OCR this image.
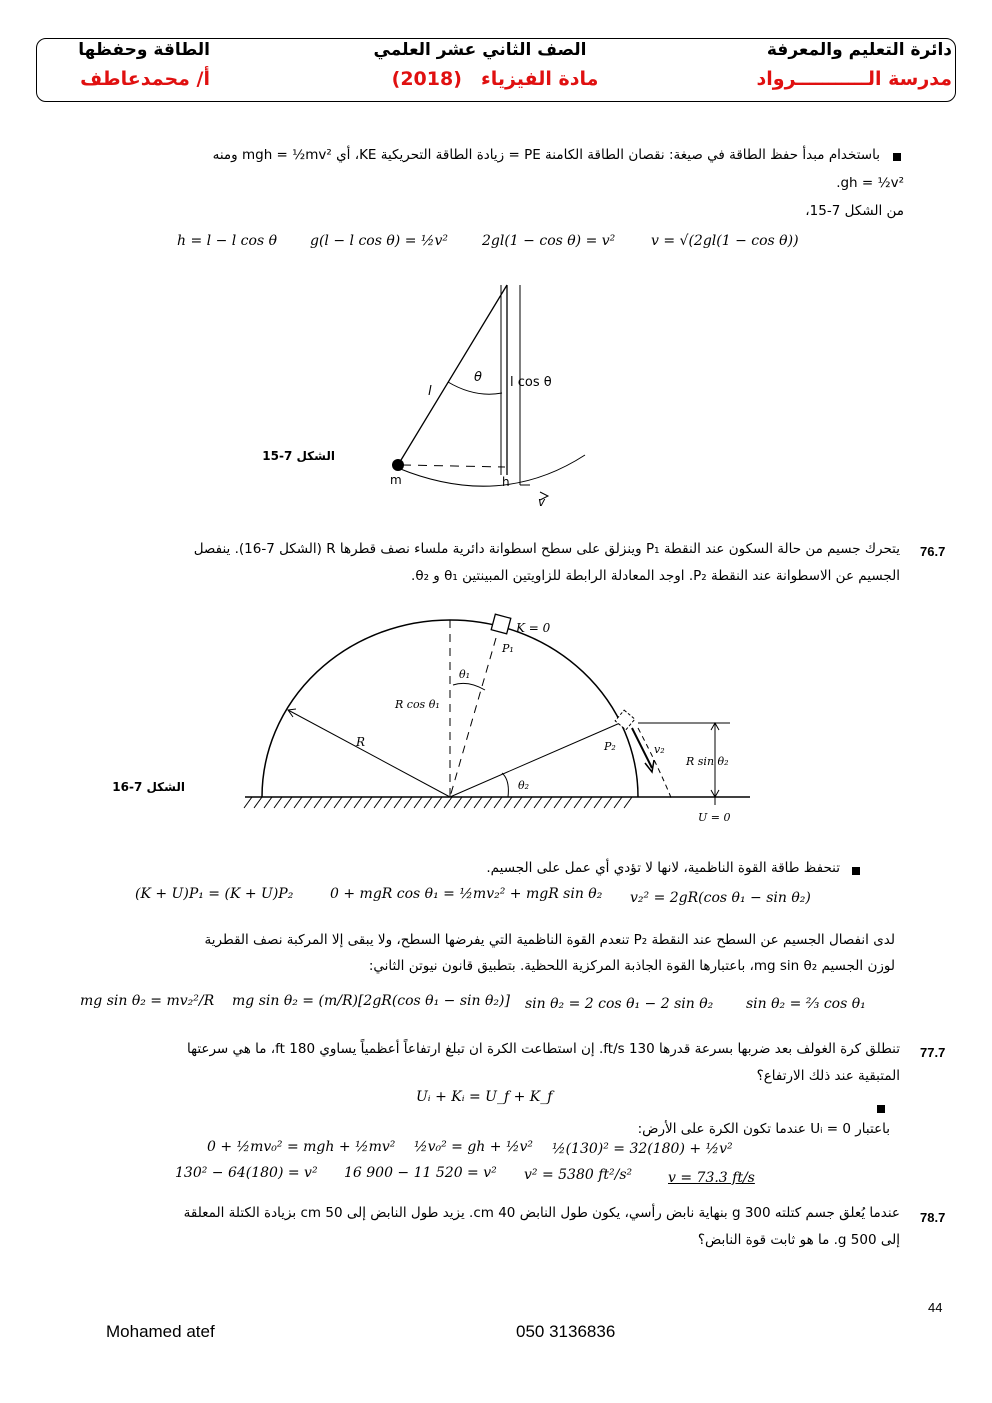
دائرة التعليم والمعرفة
مدرسة الـــــــــــرواد
الصف الثاني عشر العلمي
مادة الفيزياء (2018)
الطاقة وحفظها
أ/ محمدعاطف
باستخدام مبدأ حفظ الطاقة في صيغة: نقصان الطاقة الكامنة PE = زيادة الطاقة التحريكية KE، أي mgh = ½mv² ومنه
gh = ½v².
من الشكل 7-15،
h = l − l cos θ g(l − l cos θ) = ½v² 2gl(1 − cos θ) = v²	v = √(2gl(1 − cos θ))
l
θ l cos θ
m	h
v
الشكل 7-15
76.7
يتحرك جسيم من حالة السكون عند النقطة P₁ وينزلق على سطح اسطوانة دائرية ملساء نصف قطرها R (الشكل 7-16). ينفصل
الجسيم عن الاسطوانة عند النقطة P₂. اوجد المعادلة الرابطة للزاويتين المبينتين θ₁ و θ₂.
K = 0
P₁
θ₁
R cos θ₁
R	P₂	v₂
R sin θ₂
θ₂
U = 0
الشكل 7-16
تنحفظ طاقة القوة الناظمية، لانها لا تؤدي أي عمل على الجسيم.
(K + U)P₁ = (K + U)P₂	0 + mgR cos θ₁ = ½mv₂² + mgR sin θ₂ v₂² = 2gR(cos θ₁ − sin θ₂)
لدى انفصال الجسيم عن السطح عند النقطة P₂ تنعدم القوة الناظمية التي يفرضها السطح، ولا يبقى إلا المركبة نصف القطرية
لوزن الجسيم mg sin θ₂، باعتبارها القوة الجاذبة المركزية اللحظية. بتطبيق قانون نيوتن الثاني:
mg sin θ₂ = mv₂²/R mg sin θ₂ = (m/R)[2gR(cos θ₁ − sin θ₂)] sin θ₂ = 2 cos θ₁ − 2 sin θ₂ sin θ₂ = ⅔ cos θ₁
77.7
تنطلق كرة الغولف بعد ضربها بسرعة قدرها 130 ft/s. إن استطاعت الكرة ان تبلغ ارتفاعاً أعظمياً يساوي 180 ft، ما هي سرعتها
المتبقية عند ذلك الارتفاع؟
Uᵢ + Kᵢ = U_f + K_f
باعتبار 0 = Uᵢ عندما تكون الكرة على الأرض:
0 + ½mv₀² = mgh + ½mv² ½v₀² = gh + ½v² ½(130)² = 32(180) + ½v²
130² − 64(180) = v² 16 900 − 11 520 = v² v² = 5380 ft²/s²	v = 73.3 ft/s
78.7
عندما يُعلق جسم كتلته 300 g بنهاية نابض رأسي، يكون طول النابض 40 cm. يزيد طول النابض إلى 50 cm بزيادة الكتلة المعلقة
إلى 500 g. ما هو ثابت قوة النابض؟
44
Mohamed atef	050 3136836
